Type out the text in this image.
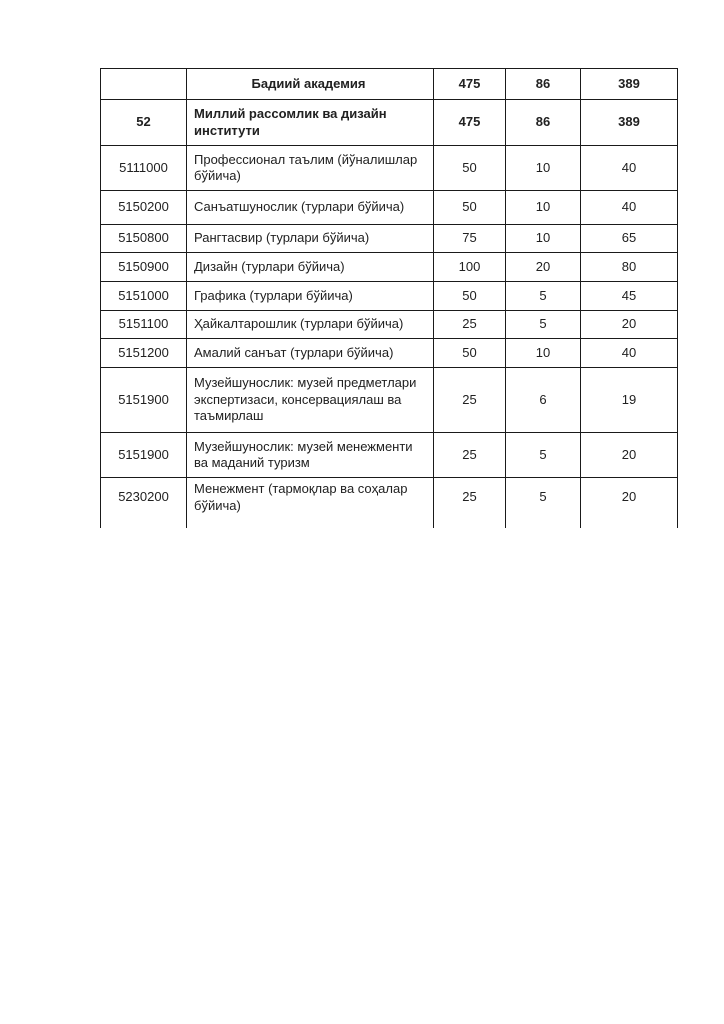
	Бадиий академия	475	86	389
52	Миллий рассомлик ва дизайн институти	475	86	389
5111000	Профессионал таълим (йўналишлар бўйича)	50	10	40
5150200	Санъатшунослик (турлари бўйича)	50	10	40
5150800	Рангтасвир (турлари бўйича)	75	10	65
5150900	Дизайн (турлари бўйича)	100	20	80
5151000	Графика (турлари бўйича)	50	5	45
5151100	Ҳайкалтарошлик (турлари бўйича)	25	5	20
5151200	Амалий санъат (турлари бўйича)	50	10	40
5151900	Музейшунослик: музей предметлари экспертизаси, консервациялаш ва таъмирлаш	25	6	19
5151900	Музейшунослик: музей менежменти ва маданий туризм	25	5	20
5230200	Менежмент (тармоқлар ва соҳалар бўйича)	25	5	20
